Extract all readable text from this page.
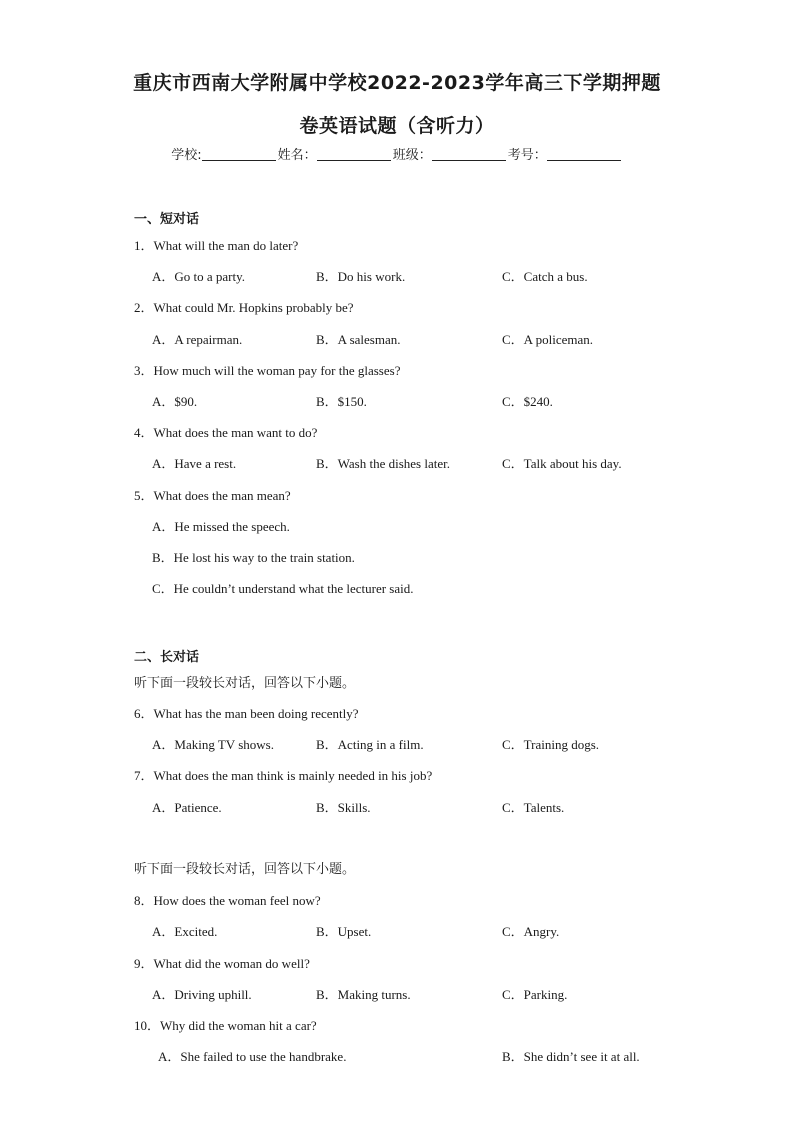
重庆市西南大学附属中学校2022-2023学年高三下学期押题
卷英语试题（含听力）
学校:	姓名：	班级：	考号：
一、短对话
1．What will the man do later?
A．Go to a party.	B．Do his work.	C．Catch a bus.
2．What could Mr. Hopkins probably be?
A．A repairman.	B．A salesman.	C．A policeman.
3．How much will the woman pay for the glasses?
A．$90.	B．$150.	C．$240.
4．What does the man want to do?
A．Have a rest.	B．Wash the dishes later.	C．Talk about his day.
5．What does the man mean?
A．He missed the speech.
B．He lost his way to the train station.
C．He couldn’t understand what the lecturer said.
二、长对话
听下面一段较长对话，回答以下小题。
6．What has the man been doing recently?
A．Making TV shows.	B．Acting in a film.	C．Training dogs.
7．What does the man think is mainly needed in his job?
A．Patience.	B．Skills.	C．Talents.
听下面一段较长对话，回答以下小题。
8．How does the woman feel now?
A．Excited.	B．Upset.	C．Angry.
9．What did the woman do well?
A．Driving uphill.	B．Making turns.	C．Parking.
10．Why did the woman hit a car?
A．She failed to use the handbrake.	B．She didn’t see it at all.
